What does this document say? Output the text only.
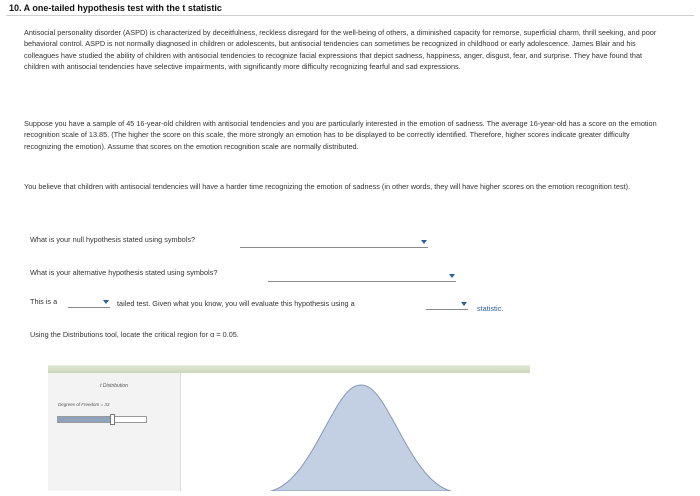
10. A one-tailed hypothesis test with the t statistic
Antisocial personality disorder (ASPD) is characterized by deceitfulness, reckless disregard for the well-being of others, a diminished capacity for remorse, superficial charm, thrill seeking, and poor behavioral control. ASPD is not normally diagnosed in children or adolescents, but antisocial tendencies can sometimes be recognized in childhood or early adolescence. James Blair and his colleagues have studied the ability of children with antisocial tendencies to recognize facial expressions that depict sadness, happiness, anger, disgust, fear, and surprise. They have found that children with antisocial tendencies have selective impairments, with significantly more difficulty recognizing fearful and sad expressions.
Suppose you have a sample of 45 16-year-old children with antisocial tendencies and you are particularly interested in the emotion of sadness. The average 16-year-old has a score on the emotion recognition scale of 13.85. (The higher the score on this scale, the more strongly an emotion has to be displayed to be correctly identified. Therefore, higher scores indicate greater difficulty recognizing the emotion). Assume that scores on the emotion recognition scale are normally distributed.
You believe that children with antisocial tendencies will have a harder time recognizing the emotion of sadness (in other words, they will have higher scores on the emotion recognition test).
What is your null hypothesis stated using symbols?
What is your alternative hypothesis stated using symbols?
This is a	tailed test. Given what you know, you will evaluate this hypothesis using a
statistic.
Using the Distributions tool, locate the critical region for α = 0.05.
t Distribution
Degrees of Freedom = 33
